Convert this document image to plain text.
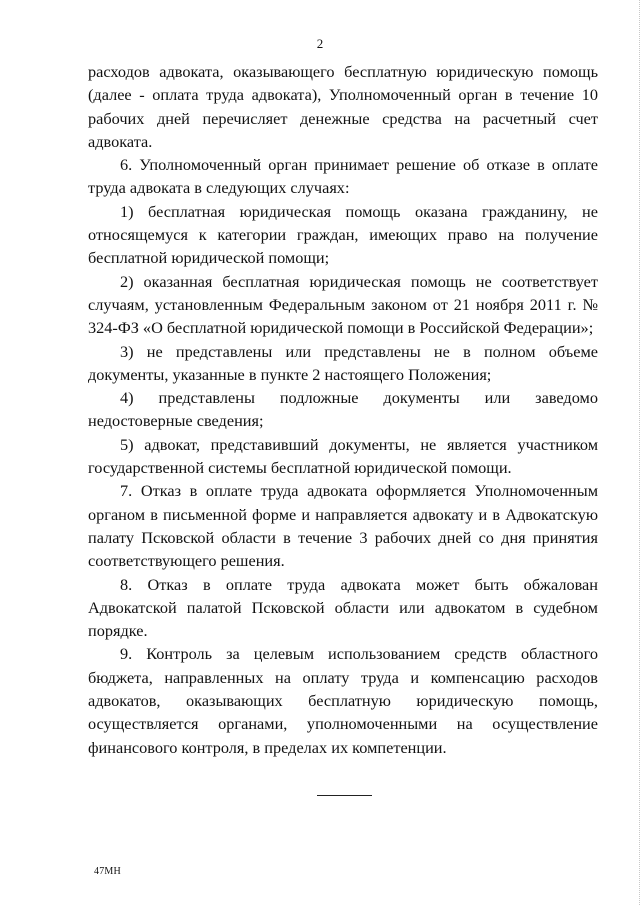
2

расходов адвоката, оказывающего бесплатную юридическую помощь (далее - оплата труда адвоката), Уполномоченный орган в течение 10 рабочих дней перечисляет денежные средства на расчетный счет адвоката.

6. Уполномоченный орган принимает решение об отказе в оплате труда адвоката в следующих случаях:

1) бесплатная юридическая помощь оказана гражданину, не относящемуся к категории граждан, имеющих право на получение бесплатной юридической помощи;

2) оказанная бесплатная юридическая помощь не соответствует случаям, установленным Федеральным законом от 21 ноября 2011 г. № 324-ФЗ «О бесплатной юридической помощи в Российской Федерации»;

3) не представлены или представлены не в полном объеме документы, указанные в пункте 2 настоящего Положения;

4) представлены подложные документы или заведомо недостоверные сведения;

5) адвокат, представивший документы, не является участником государственной системы бесплатной юридической помощи.

7. Отказ в оплате труда адвоката оформляется Уполномоченным органом в письменной форме и направляется адвокату и в Адвокатскую палату Псковской области в течение 3 рабочих дней со дня принятия соответствующего решения.

8. Отказ в оплате труда адвоката может быть обжалован Адвокатской палатой Псковской области или адвокатом в судебном порядке.

9. Контроль за целевым использованием средств областного бюджета, направленных на оплату труда и компенсацию расходов адвокатов, оказывающих бесплатную юридическую помощь, осуществляется органами, уполномоченными на осуществление финансового контроля, в пределах их компетенции.

47МН
